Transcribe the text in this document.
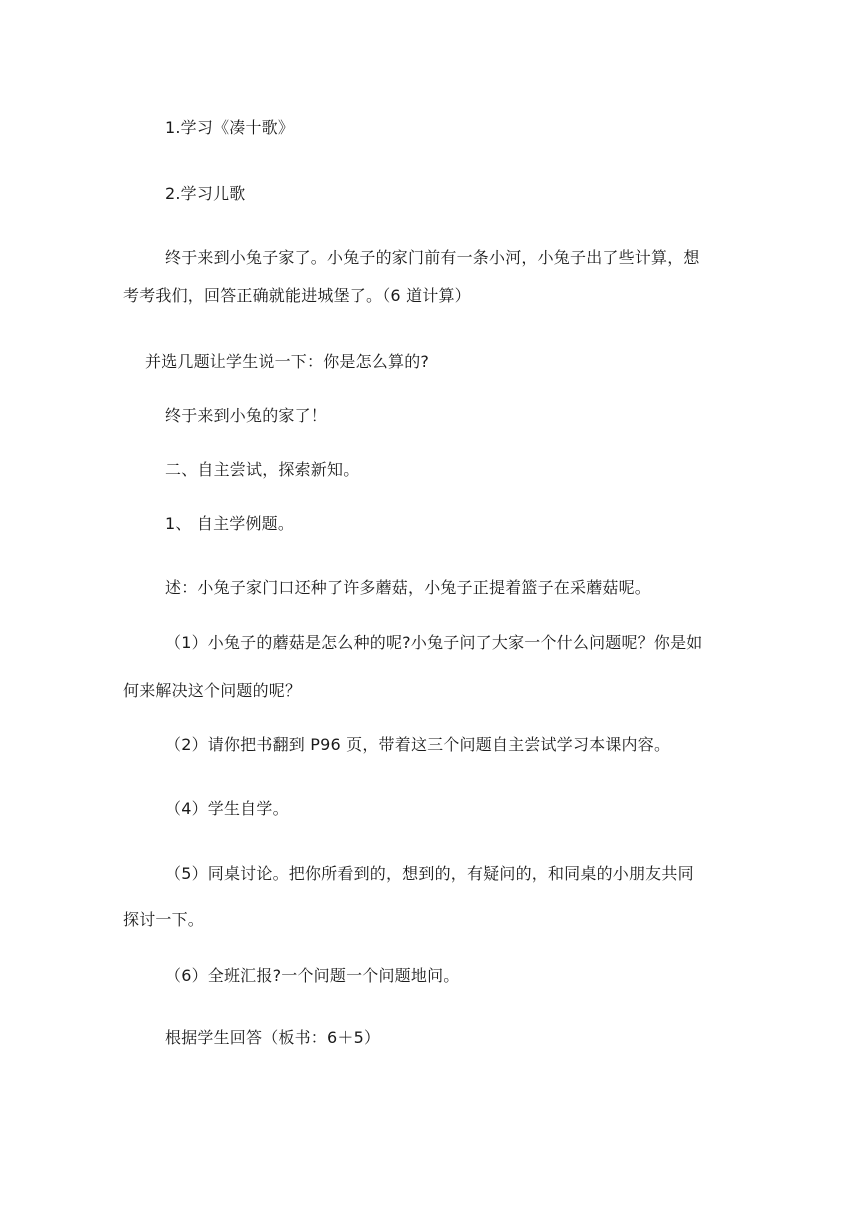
1.学习《凑十歌》
2.学习儿歌
终于来到小兔子家了。小兔子的家门前有一条小河，小兔子出了些计算，想
考考我们，回答正确就能进城堡了。（6 道计算）
并选几题让学生说一下：你是怎么算的?
终于来到小兔的家了！
二、自主尝试，探索新知。
1、 自主学例题。
述：小兔子家门口还种了许多蘑菇，小兔子正提着篮子在采蘑菇呢。
（1）小兔子的蘑菇是怎么种的呢?小兔子问了大家一个什么问题呢？你是如
何来解决这个问题的呢？
（2）请你把书翻到 P96 页，带着这三个问题自主尝试学习本课内容。
（4）学生自学。
（5）同桌讨论。把你所看到的，想到的，有疑问的，和同桌的小朋友共同
探讨一下。
（6）全班汇报?一个问题一个问题地问。
根据学生回答（板书：6＋5）
